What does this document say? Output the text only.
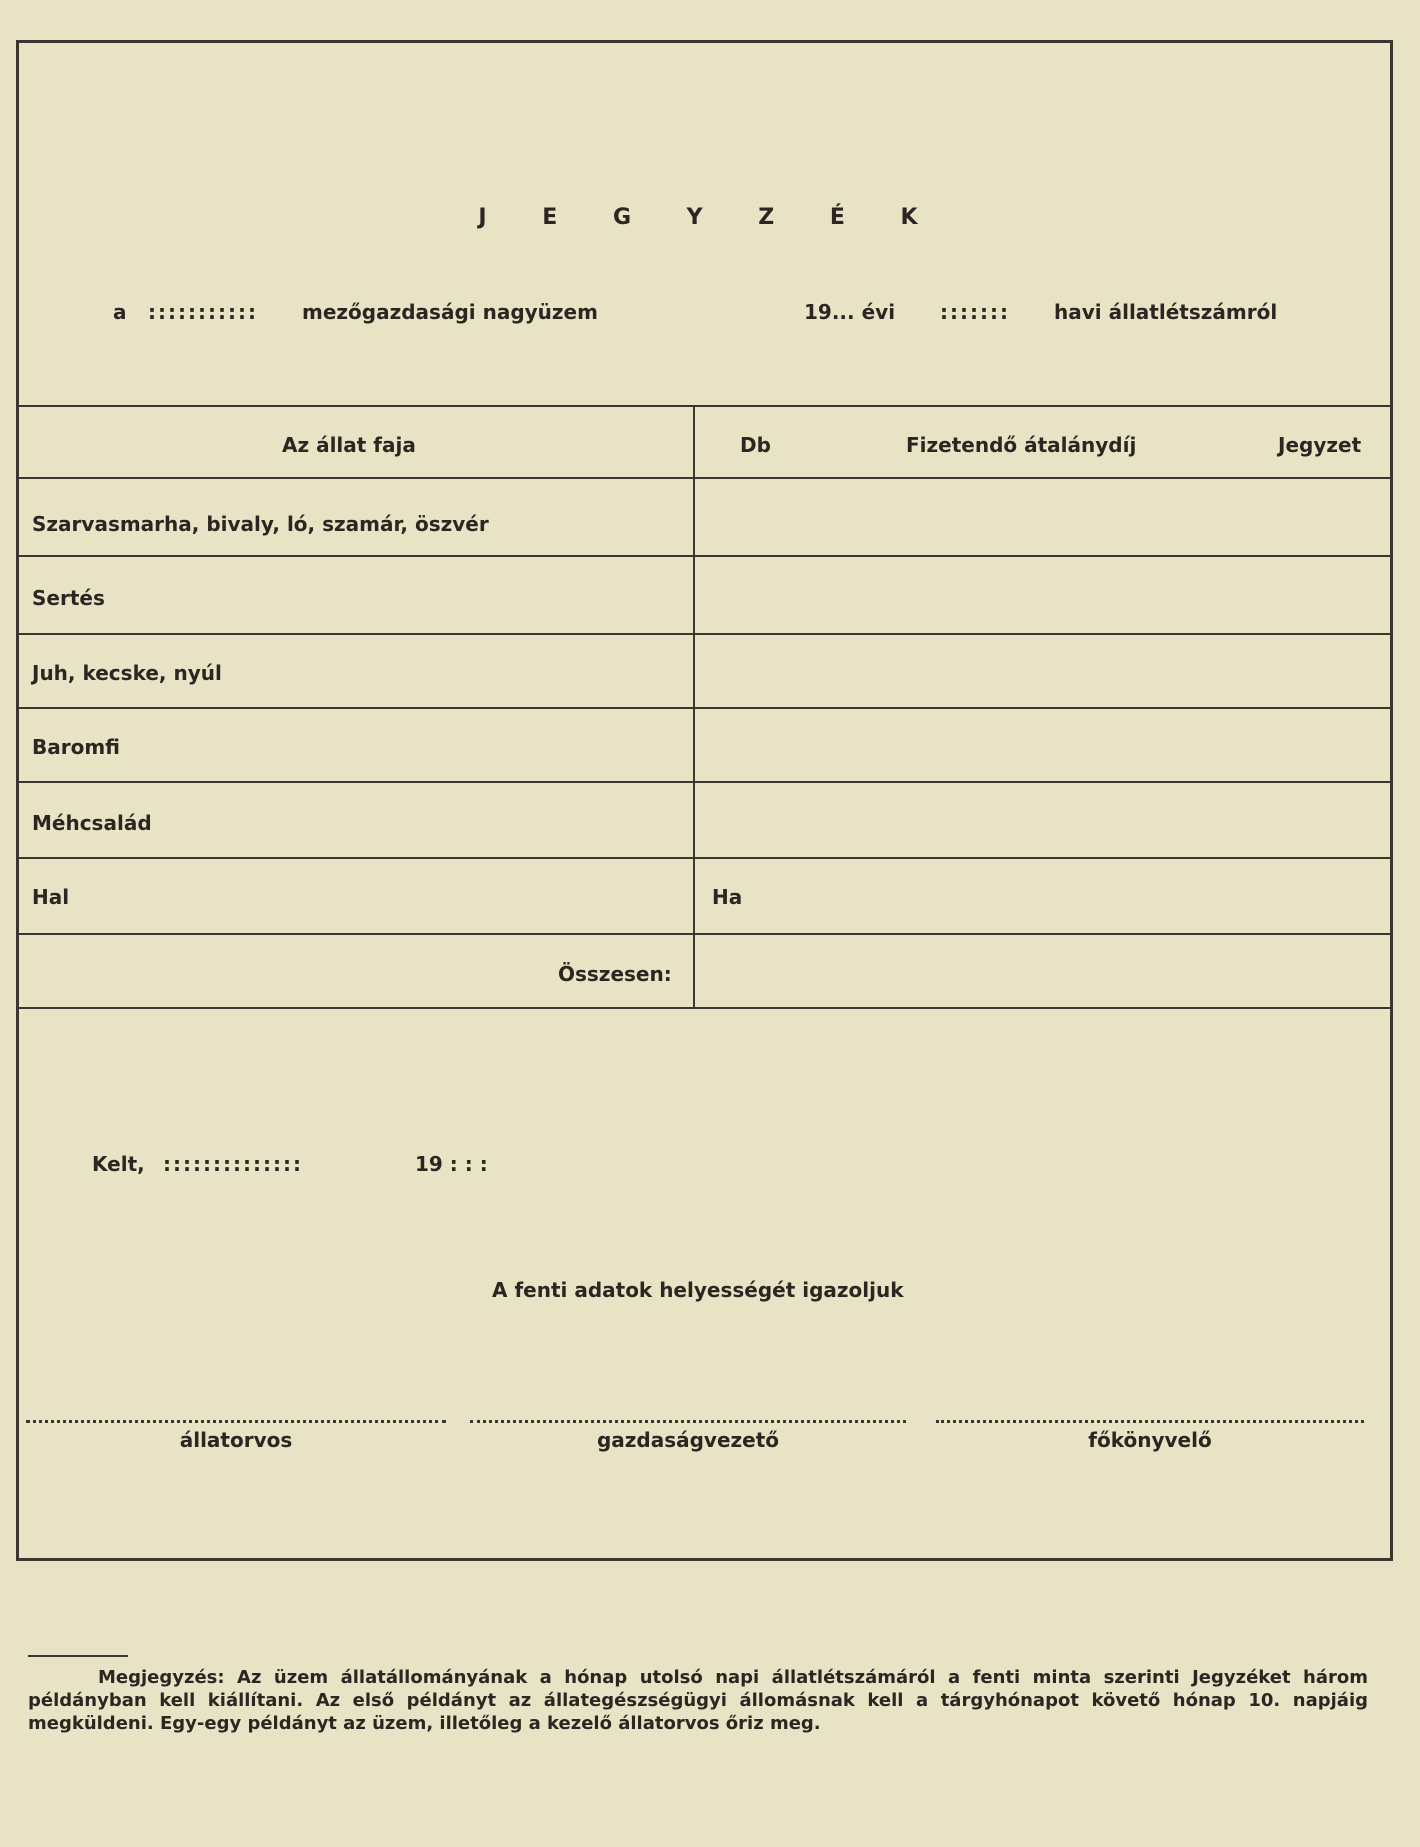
J E G Y Z É K
a ::::::::::: mezőgazdasági nagyüzem	19... évi ::::::: havi állatlétszámról
Az állat faja	Db	Fizetendő átalánydíj	Jegyzet
Szarvasmarha, bivaly, ló, szamár, öszvér
Sertés
Juh, kecske, nyúl
Baromfi
Méhcsalád
Hal	Ha
Összesen:
Kelt, ::::::::::::::	19 : : :
A fenti adatok helyességét igazoljuk
állatorvos	gazdaságvezető	főkönyvelő
Megjegyzés: Az üzem állatállományának a hónap utolsó napi állatlétszámáról a fenti minta szerinti Jegyzéket három példányban kell kiállítani. Az első példányt az állategészségügyi állomásnak kell a tárgyhónapot követő hónap 10. napjáig megküldeni. Egy-egy példányt az üzem, illetőleg a kezelő állatorvos őriz meg.
